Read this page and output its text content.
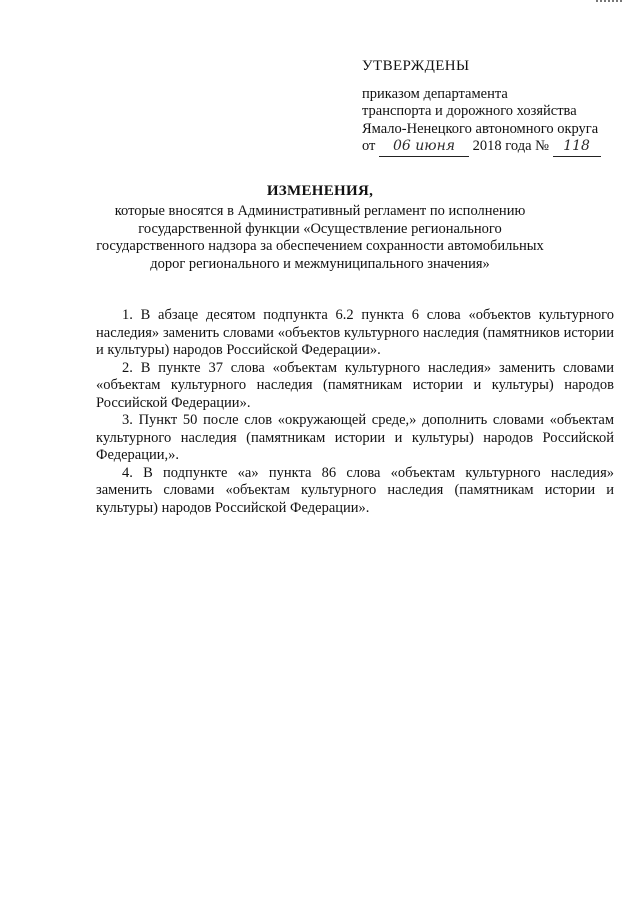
УТВЕРЖДЕНЫ
приказом департамента
транспорта и дорожного хозяйства
Ямало-Ненецкого автономного округа
от 06 июня 2018 года № 118
ИЗМЕНЕНИЯ,
которые вносятся в Административный регламент по исполнению государственной функции «Осуществление регионального государственного надзора за обеспечением сохранности автомобильных дорог регионального и межмуниципального значения»

1. В абзаце десятом подпункта 6.2 пункта 6 слова «объектов культурного наследия» заменить словами «объектов культурного наследия (памятников истории и культуры) народов Российской Федерации».

2. В пункте 37 слова «объектам культурного наследия» заменить словами «объектам культурного наследия (памятникам истории и культуры) народов Российской Федерации».

3. Пункт 50 после слов «окружающей среде,» дополнить словами «объектам культурного наследия (памятникам истории и культуры) народов Российской Федерации,».

4. В подпункте «а» пункта 86 слова «объектам культурного наследия» заменить словами «объектам культурного наследия (памятникам истории и культуры) народов Российской Федерации».
